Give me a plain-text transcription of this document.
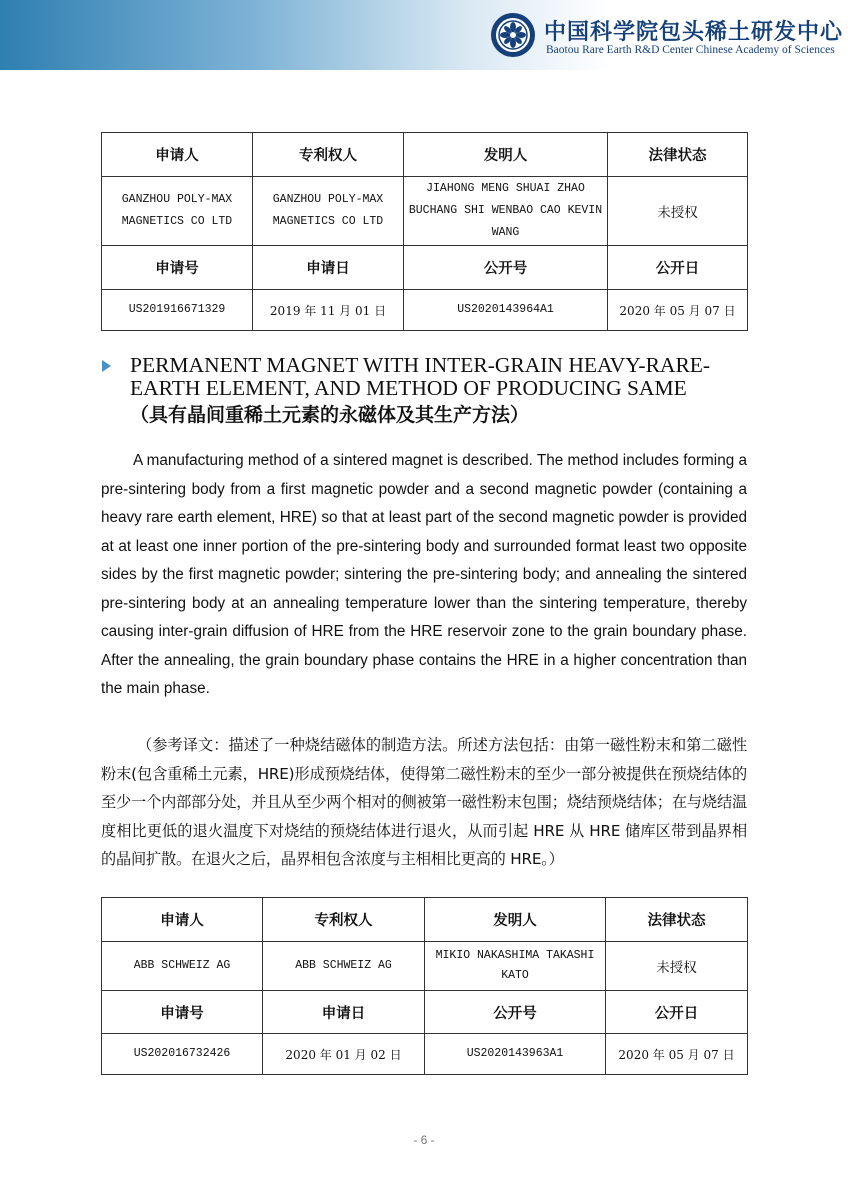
中国科学院包头稀土研发中心
Baotou Rare Earth R&D Center Chinese Academy of Sciences
申请人	专利权人	发明人	法律状态
GANZHOU POLY-MAX MAGNETICS CO LTD	GANZHOU POLY-MAX MAGNETICS CO LTD	JIAHONG MENG SHUAI ZHAO BUCHANG SHI WENBAO CAO KEVIN WANG	未授权
申请号	申请日	公开号	公开日
US201916671329	2019 年 11 月 01 日	US2020143964A1	2020 年 05 月 07 日
PERMANENT MAGNET WITH INTER-GRAIN HEAVY-RARE-EARTH ELEMENT, AND METHOD OF PRODUCING SAME
（具有晶间重稀土元素的永磁体及其生产方法）

A manufacturing method of a sintered magnet is described. The method includes forming a pre-sintering body from a first magnetic powder and a second magnetic powder (containing a heavy rare earth element, HRE) so that at least part of the second magnetic powder is provided at at least one inner portion of the pre-sintering body and surrounded format least two opposite sides by the first magnetic powder; sintering the pre-sintering body; and annealing the sintered pre-sintering body at an annealing temperature lower than the sintering temperature, thereby causing inter-grain diffusion of HRE from the HRE reservoir zone to the grain boundary phase. After the annealing, the grain boundary phase contains the HRE in a higher concentration than the main phase.

（参考译文：描述了一种烧结磁体的制造方法。所述方法包括：由第一磁性粉末和第二磁性粉末(包含重稀土元素，HRE)形成预烧结体，使得第二磁性粉末的至少一部分被提供在预烧结体的至少一个内部部分处，并且从至少两个相对的侧被第一磁性粉末包围；烧结预烧结体；在与烧结温度相比更低的退火温度下对烧结的预烧结体进行退火，从而引起 HRE 从 HRE 储库区带到晶界相的晶间扩散。在退火之后，晶界相包含浓度与主相相比更高的 HRE。）

申请人	专利权人	发明人	法律状态
ABB SCHWEIZ AG	ABB SCHWEIZ AG	MIKIO NAKASHIMA TAKASHI KATO	未授权
申请号	申请日	公开号	公开日
US202016732426	2020 年 01 月 02 日	US2020143963A1	2020 年 05 月 07 日
- 6 -
